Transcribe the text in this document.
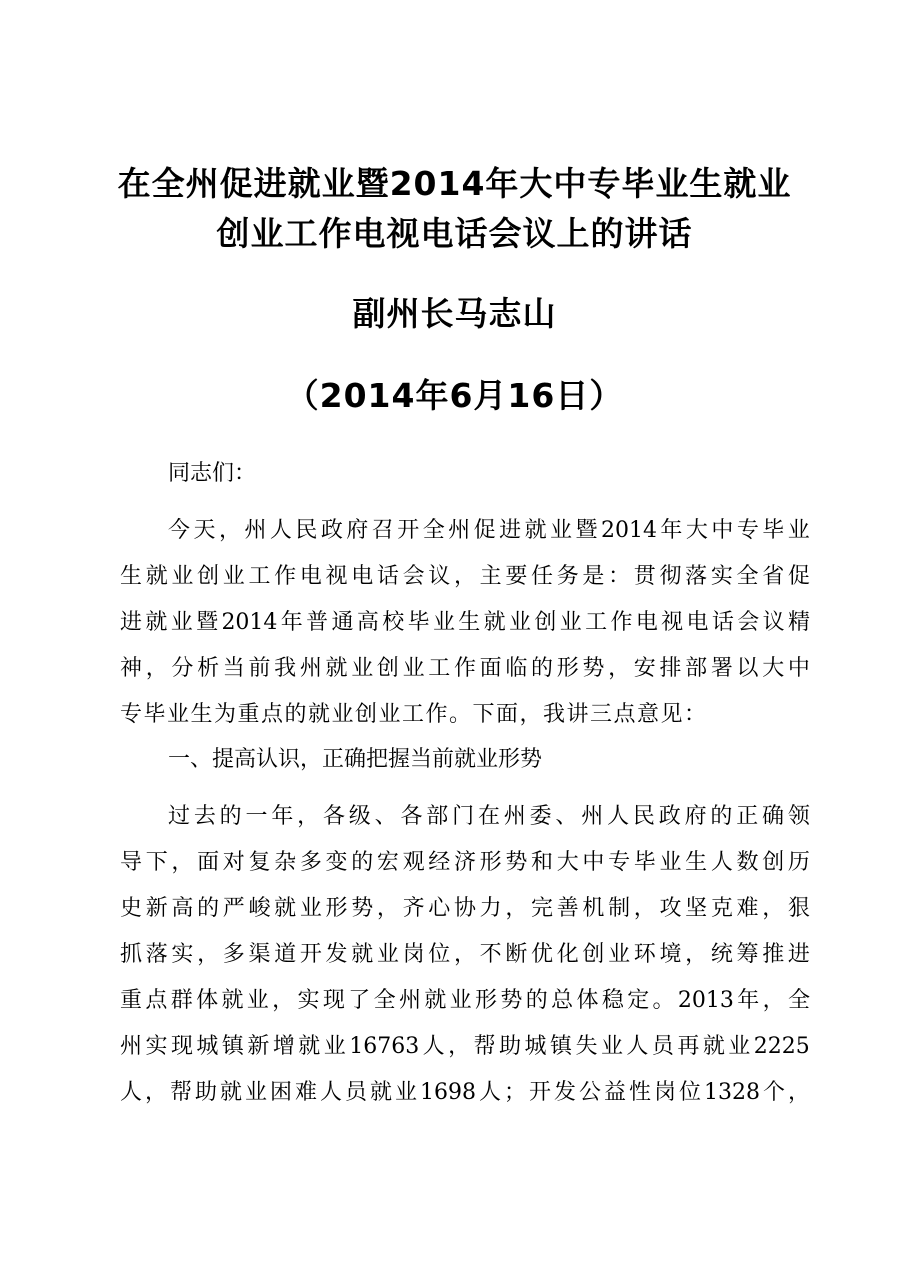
在全州促进就业暨2014年大中专毕业生就业
创业工作电视电话会议上的讲话
副州长马志山
（2014年6月16日）
同志们：
今 天 ， 州 人 民 政 府 召 开 全 州 促 进 就 业 暨 2014 年 大 中 专 毕 业
生 就 业 创 业 工 作 电 视 电 话 会 议 ， 主 要 任 务 是 ： 贯 彻 落 实 全 省 促
进 就 业 暨 2014 年 普 通 高 校 毕 业 生 就 业 创 业 工 作 电 视 电 话 会 议 精
神 ， 分 析 当 前 我 州 就 业 创 业 工 作 面 临 的 形 势 ， 安 排 部 署 以 大 中
专毕业生为重点的就业创业工作。下面，我讲三点意见：
一、提高认识，正确把握当前就业形势
过 去 的 一 年 ， 各 级 、 各 部 门 在 州 委 、 州 人 民 政 府 的 正 确 领
导 下 ， 面 对 复 杂 多 变 的 宏 观 经 济 形 势 和 大 中 专 毕 业 生 人 数 创 历
史 新 高 的 严 峻 就 业 形 势 ， 齐 心 协 力 ， 完 善 机 制 ， 攻 坚 克 难 ， 狠
抓 落 实 ， 多 渠 道 开 发 就 业 岗 位 ， 不 断 优 化 创 业 环 境 ， 统 筹 推 进
重 点 群 体 就 业 ， 实 现 了 全 州 就 业 形 势 的 总 体 稳 定 。 2013 年 ， 全
州 实 现 城 镇 新 增 就 业 16763 人 ， 帮 助 城 镇 失 业 人 员 再 就 业 2225
人 ， 帮 助 就 业 困 难 人 员 就 业 1698 人 ； 开 发 公 益 性 岗 位 1328 个 ，
